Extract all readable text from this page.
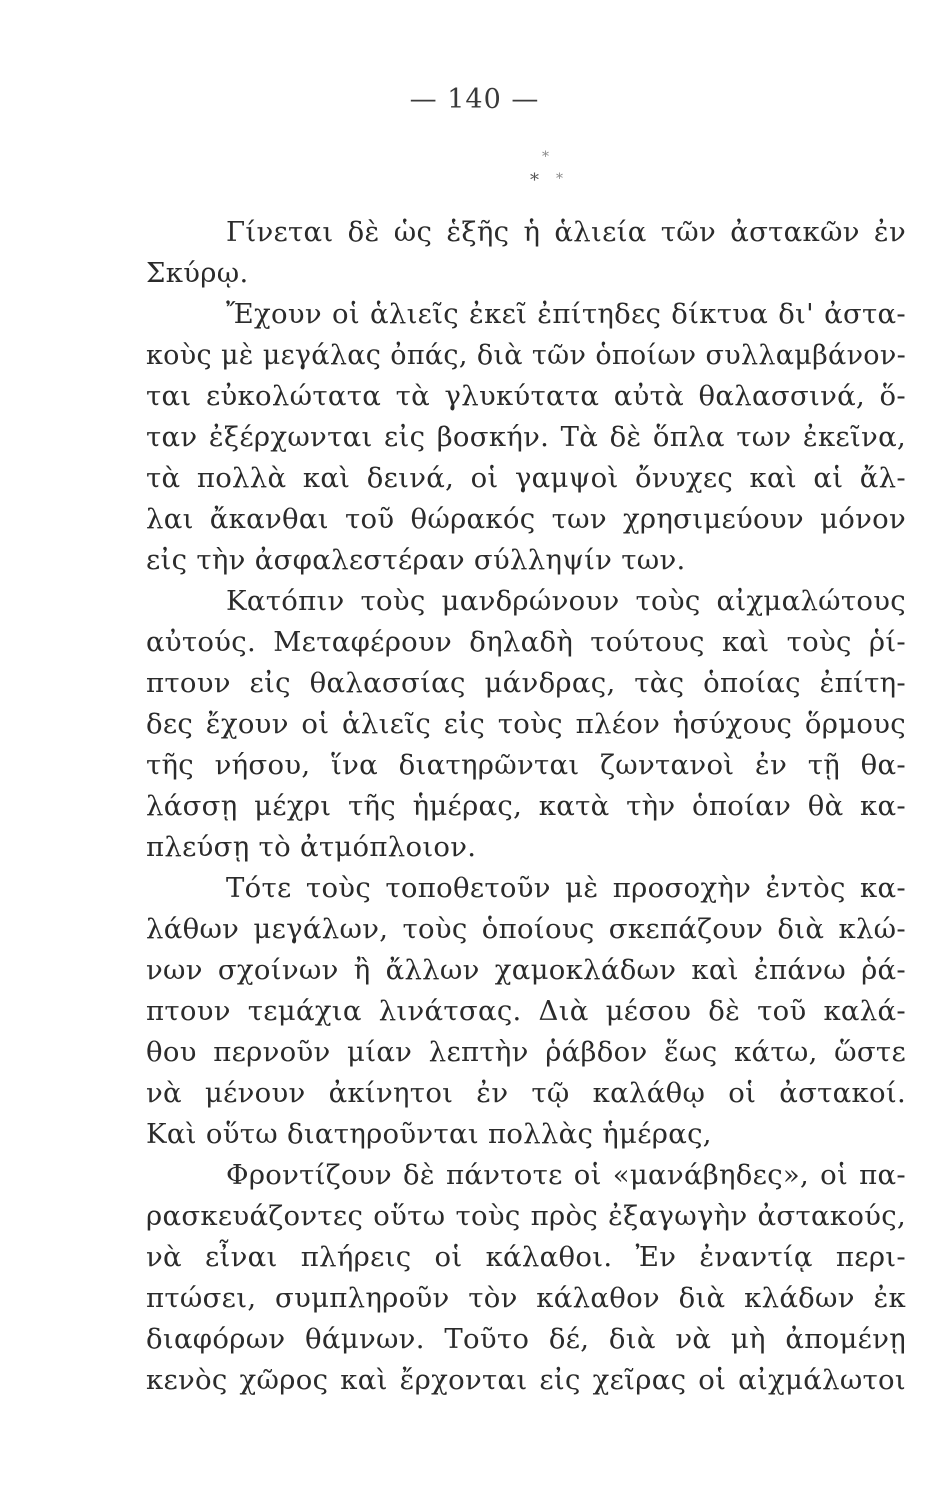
— 140 —
*
* *
Γίνεται δὲ ὡς ἑξῆς ἡ ἁλιεία τῶν ἀστακῶν ἐν
Σκύρῳ.
Ἔχουν οἱ ἁλιεῖς ἐκεῖ ἐπίτηδες δίκτυα δι' ἀστα-
κοὺς μὲ μεγάλας ὀπάς, διὰ τῶν ὁποίων συλλαμβάνον-
ται εὐκολώτατα τὰ γλυκύτατα αὐτὰ θαλασσινά, ὅ-
ταν ἐξέρχωνται εἰς βοσκήν. Τὰ δὲ ὅπλα των ἐκεῖνα,
τὰ πολλὰ καὶ δεινά, οἱ γαμψοὶ ὄνυχες καὶ αἱ ἄλ-
λαι ἄκανθαι τοῦ θώρακός των χρησιμεύουν μόνον
εἰς τὴν ἀσφαλεστέραν σύλληψίν των.
Κατόπιν τοὺς μανδρώνουν τοὺς αἰχμαλώτους
αὐτούς. Μεταφέρουν δηλαδὴ τούτους καὶ τοὺς ῥί-
πτουν εἰς θαλασσίας μάνδρας, τὰς ὁποίας ἐπίτη-
δες ἔχουν οἱ ἁλιεῖς εἰς τοὺς πλέον ἡσύχους ὅρμους
τῆς νήσου, ἵνα διατηρῶνται ζωντανοὶ ἐν τῇ θα-
λάσσῃ μέχρι τῆς ἡμέρας, κατὰ τὴν ὁποίαν θὰ κα-
πλεύσῃ τὸ ἀτμόπλοιον.
Τότε τοὺς τοποθετοῦν μὲ προσοχὴν ἐντὸς κα-
λάθων μεγάλων, τοὺς ὁποίους σκεπάζουν διὰ κλώ-
νων σχοίνων ἢ ἄλλων χαμοκλάδων καὶ ἐπάνω ῥά-
πτουν τεμάχια λινάτσας. Διὰ μέσου δὲ τοῦ καλά-
θου περνοῦν μίαν λεπτὴν ῥάβδον ἕως κάτω, ὥστε
νὰ μένουν ἀκίνητοι ἐν τῷ καλάθῳ οἱ ἀστακοί.
Καὶ οὕτω διατηροῦνται πολλὰς ἡμέρας,
Φροντίζουν δὲ πάντοτε οἱ «μανάβηδες», οἱ πα-
ρασκευάζοντες οὕτω τοὺς πρὸς ἐξαγωγὴν ἀστακούς,
νὰ εἶναι πλήρεις οἱ κάλαθοι. Ἐν ἐναντίᾳ περι-
πτώσει, συμπληροῦν τὸν κάλαθον διὰ κλάδων ἐκ
διαφόρων θάμνων. Τοῦτο δέ, διὰ νὰ μὴ ἀπομένῃ
κενὸς χῶρος καὶ ἔρχονται εἰς χεῖρας οἱ αἰχμάλωτοι
